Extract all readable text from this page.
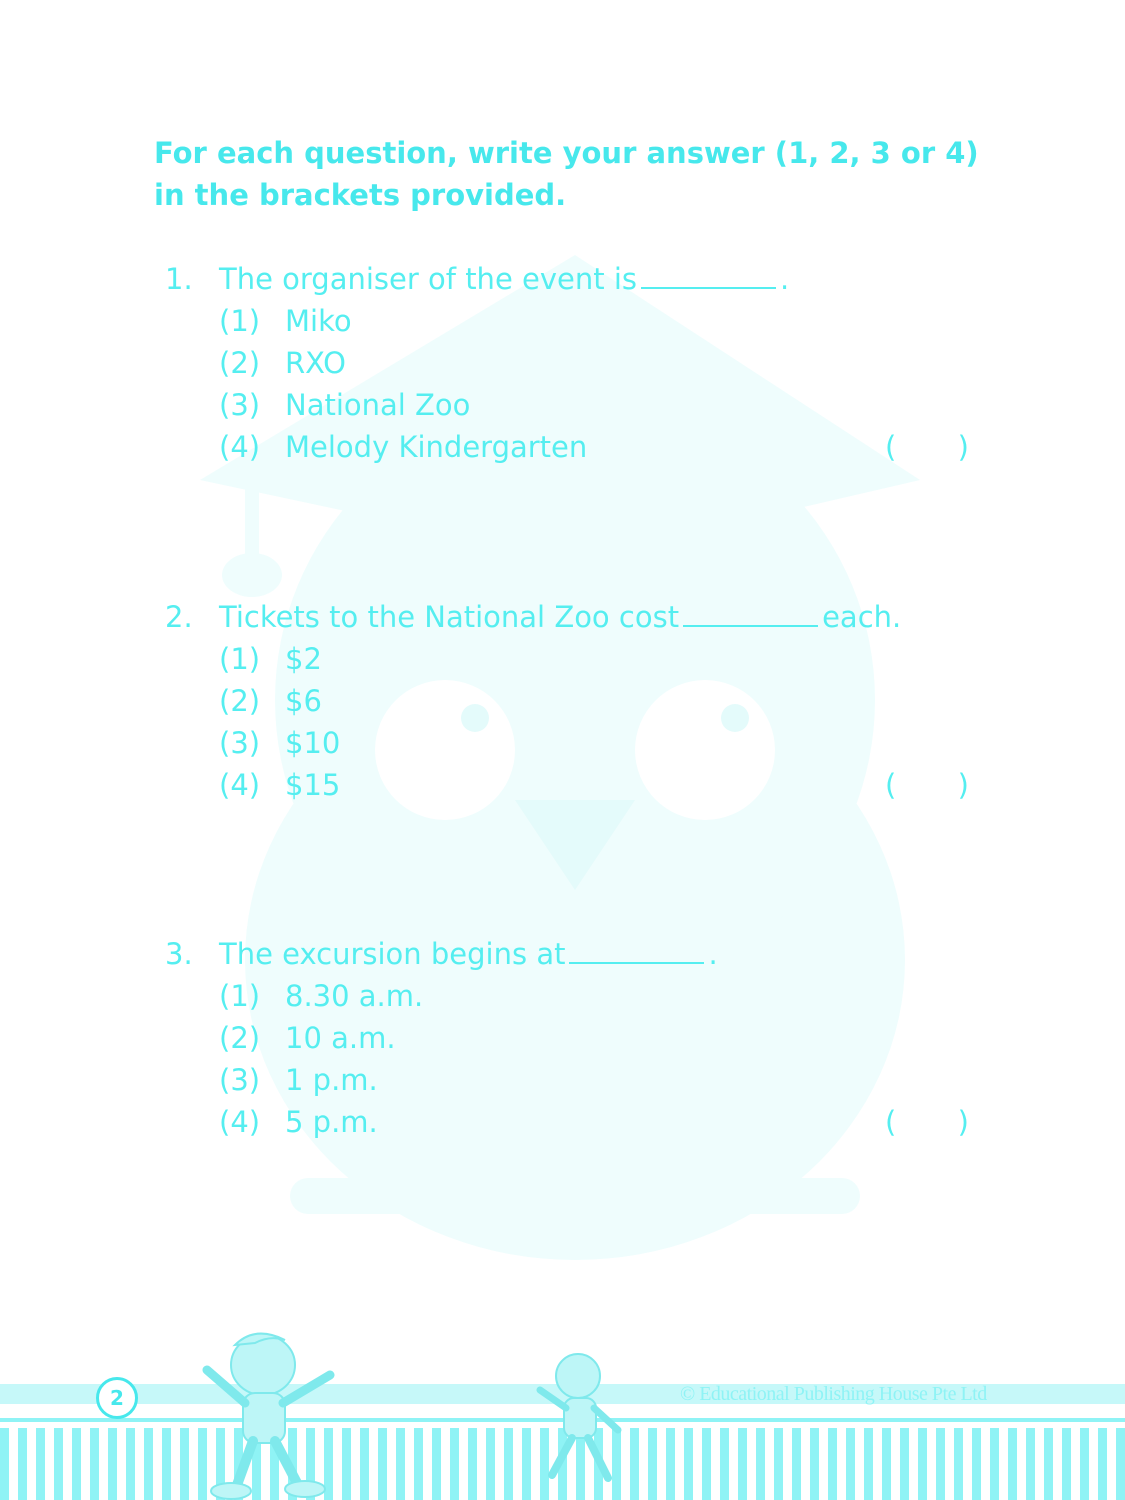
For each question, write your answer (1, 2, 3 or 4) in the brackets provided.
1. The organiser of the event is	.
(1) Miko
(2) RXO
(3) National Zoo
(4) Melody Kindergarten	( )
2. Tickets to the National Zoo cost	each.
(1) $2
(2) $6
(3) $10
(4) $15	( )
3. The excursion begins at	.
(1) 8.30 a.m.
(2) 10 a.m.
(3) 1 p.m.
(4) 5 p.m.	( )
2	© Educational Publishing House Pte Ltd
